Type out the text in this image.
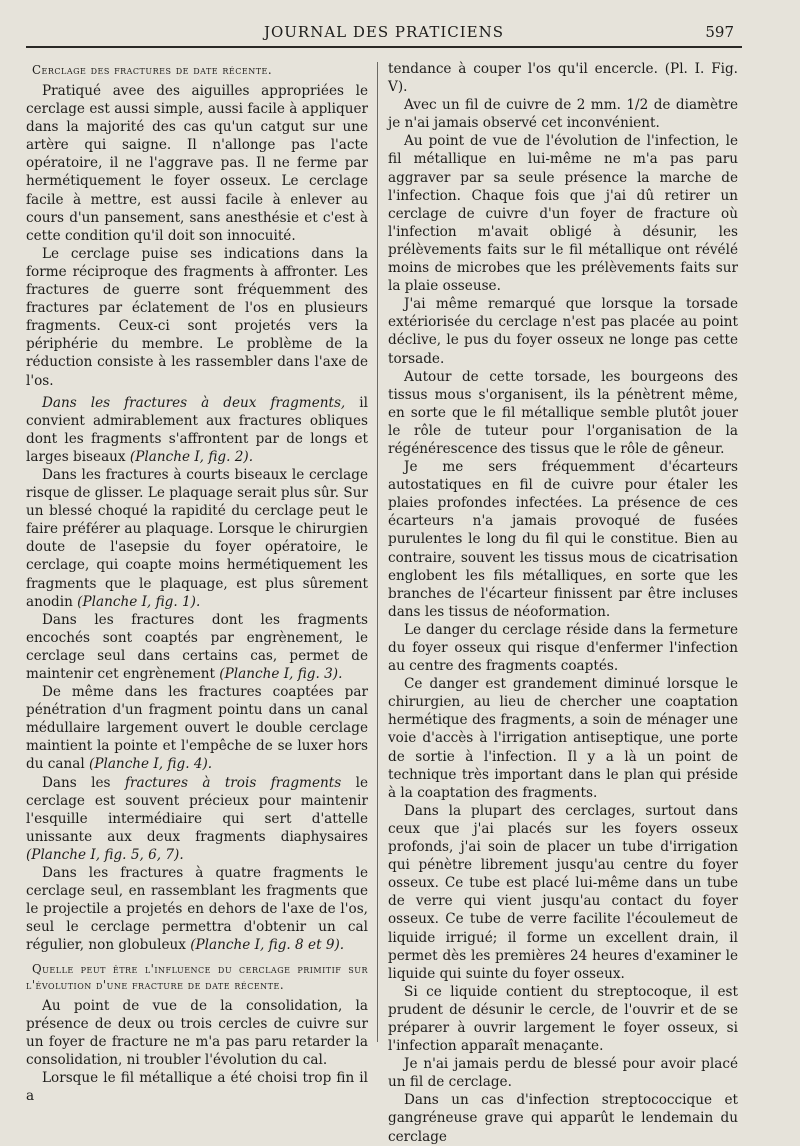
JOURNAL DES PRATICIENS	597
Cerclage des fractures de date récente.

Pratiqué avee des aiguilles appropriées le cerclage est aussi simple, aussi facile à appliquer dans la majorité des cas qu'un catgut sur une artère qui saigne. Il n'allonge pas l'acte opératoire, il ne l'aggrave pas. Il ne ferme par hermétiquement le foyer osseux. Le cerclage facile à mettre, est aussi facile à enlever au cours d'un pansement, sans anesthésie et c'est à cette condition qu'il doit son innocuité.

Le cerclage puise ses indications dans la forme réciproque des fragments à affronter. Les fractures de guerre sont fréquemment des fractures par éclatement de l'os en plusieurs fragments. Ceux-ci sont projetés vers la périphérie du membre. Le problème de la réduction consiste à les rassembler dans l'axe de l'os.

Dans les fractures à deux fragments, il convient admirablement aux fractures obliques dont les fragments s'affrontent par de longs et larges biseaux (Planche I, fig. 2).

Dans les fractures à courts biseaux le cerclage risque de glisser. Le plaquage serait plus sûr. Sur un blessé choqué la rapidité du cerclage peut le faire préférer au plaquage. Lorsque le chirurgien doute de l'asepsie du foyer opératoire, le cerclage, qui coapte moins hermétiquement les fragments que le plaquage, est plus sûrement anodin (Planche I, fig. 1).

Dans les fractures dont les fragments encochés sont coaptés par engrènement, le cerclage seul dans certains cas, permet de maintenir cet engrènement (Planche I, fig. 3).

De même dans les fractures coaptées par pénétration d'un fragment pointu dans un canal médullaire largement ouvert le double cerclage maintient la pointe et l'empêche de se luxer hors du canal (Planche I, fig. 4).

Dans les fractures à trois fragments le cerclage est souvent précieux pour maintenir l'esquille intermédiaire qui sert d'attelle unissante aux deux fragments diaphysaires (Planche I, fig. 5, 6, 7).

Dans les fractures à quatre fragments le cerclage seul, en rassemblant les fragments que le projectile a projetés en dehors de l'axe de l'os, seul le cerclage permettra d'obtenir un cal régulier, non globuleux (Planche I, fig. 8 et 9).

Quelle peut être l'influence du cerclage primitif sur l'évolution d'une fracture de date récente.

Au point de vue de la consolidation, la présence de deux ou trois cercles de cuivre sur un foyer de fracture ne m'a pas paru retarder la consolidation, ni troubler l'évolution du cal.

Lorsque le fil métallique a été choisi trop fin il a

tendance à couper l'os qu'il encercle. (Pl. I. Fig. V).

Avec un fil de cuivre de 2 mm. 1/2 de diamètre je n'ai jamais observé cet inconvénient.

Au point de vue de l'évolution de l'infection, le fil métallique en lui-même ne m'a pas paru aggraver par sa seule présence la marche de l'infection. Chaque fois que j'ai dû retirer un cerclage de cuivre d'un foyer de fracture où l'infection m'avait obligé à désunir, les prélèvements faits sur le fil métallique ont révélé moins de microbes que les prélèvements faits sur la plaie osseuse.

J'ai même remarqué que lorsque la torsade extériorisée du cerclage n'est pas placée au point déclive, le pus du foyer osseux ne longe pas cette torsade.

Autour de cette torsade, les bourgeons des tissus mous s'organisent, ils la pénètrent même, en sorte que le fil métallique semble plutôt jouer le rôle de tuteur pour l'organisation de la régénérescence des tissus que le rôle de gêneur.

Je me sers fréquemment d'écarteurs autostatiques en fil de cuivre pour étaler les plaies profondes infectées. La présence de ces écarteurs n'a jamais provoqué de fusées purulentes le long du fil qui le constitue. Bien au contraire, souvent les tissus mous de cicatrisation englobent les fils métalliques, en sorte que les branches de l'écarteur finissent par être incluses dans les tissus de néoformation.

Le danger du cerclage réside dans la fermeture du foyer osseux qui risque d'enfermer l'infection au centre des fragments coaptés.

Ce danger est grandement diminué lorsque le chirurgien, au lieu de chercher une coaptation hermétique des fragments, a soin de ménager une voie d'accès à l'irrigation antiseptique, une porte de sortie à l'infection. Il y a là un point de technique très important dans le plan qui préside à la coaptation des fragments.

Dans la plupart des cerclages, surtout dans ceux que j'ai placés sur les foyers osseux profonds, j'ai soin de placer un tube d'irrigation qui pénètre librement jusqu'au centre du foyer osseux. Ce tube est placé lui-même dans un tube de verre qui vient jusqu'au contact du foyer osseux. Ce tube de verre facilite l'écoulemeut de liquide irrigué; il forme un excellent drain, il permet dès les premières 24 heures d'examiner le liquide qui suinte du foyer osseux.

Si ce liquide contient du streptocoque, il est prudent de désunir le cercle, de l'ouvrir et de se préparer à ouvrir largement le foyer osseux, si l'infection apparaît menaçante.

Je n'ai jamais perdu de blessé pour avoir placé un fil de cerclage.

Dans un cas d'infection streptococcique et gangréneuse grave qui apparût le lendemain du cerclage
